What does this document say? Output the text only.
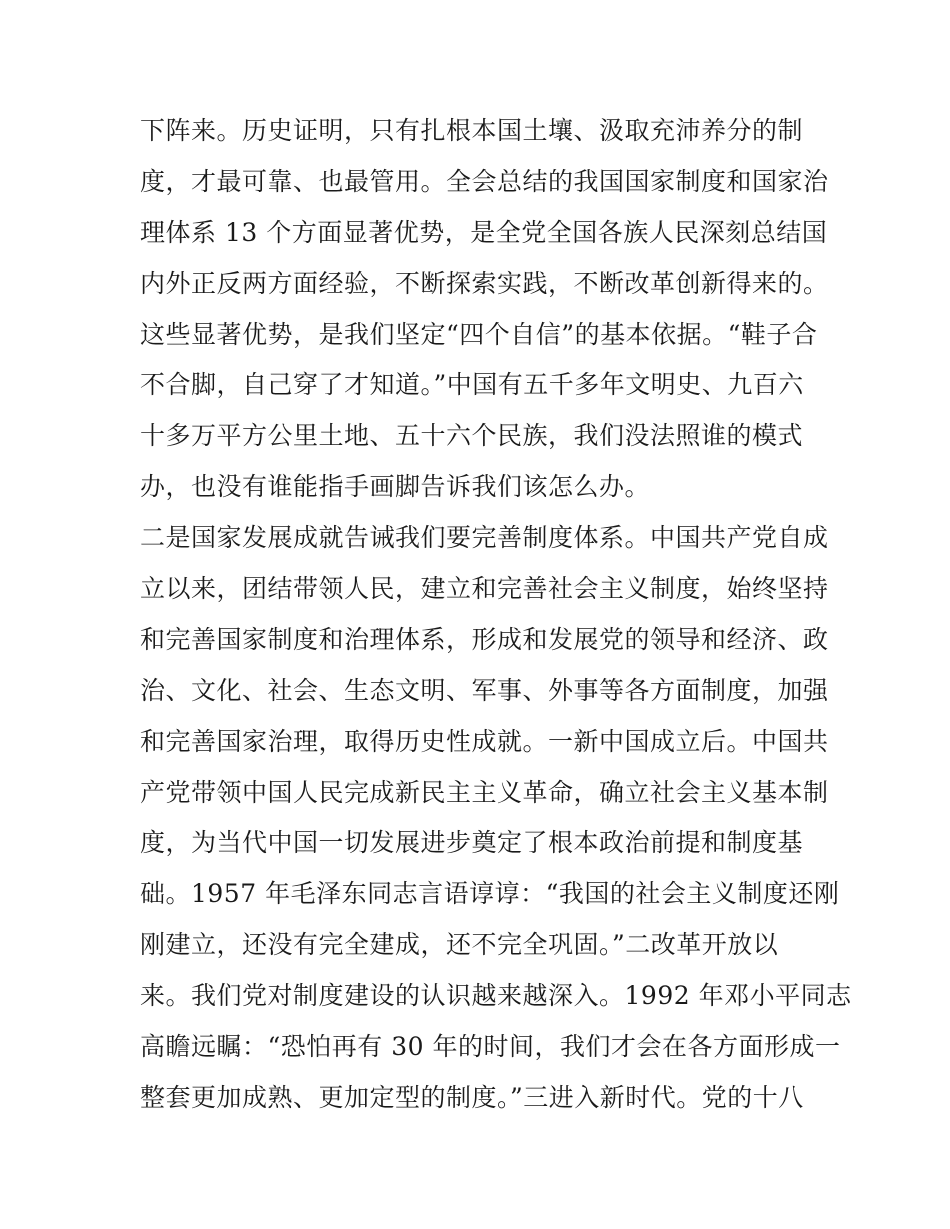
下阵来。历史证明，只有扎根本国土壤、汲取充沛养分的制
度，才最可靠、也最管用。全会总结的我国国家制度和国家治
理体系 13 个方面显著优势，是全党全国各族人民深刻总结国
内外正反两方面经验，不断探索实践，不断改革创新得来的。
这些显著优势，是我们坚定“四个自信”的基本依据。“鞋子合
不合脚，自己穿了才知道。”中国有五千多年文明史、九百六
十多万平方公里土地、五十六个民族，我们没法照谁的模式
办，也没有谁能指手画脚告诉我们该怎么办。
二是国家发展成就告诫我们要完善制度体系。中国共产党自成
立以来，团结带领人民，建立和完善社会主义制度，始终坚持
和完善国家制度和治理体系，形成和发展党的领导和经济、政
治、文化、社会、生态文明、军事、外事等各方面制度，加强
和完善国家治理，取得历史性成就。一新中国成立后。中国共
产党带领中国人民完成新民主主义革命，确立社会主义基本制
度，为当代中国一切发展进步奠定了根本政治前提和制度基
础。1957 年毛泽东同志言语谆谆：“我国的社会主义制度还刚
刚建立，还没有完全建成，还不完全巩固。”二改革开放以
来。我们党对制度建设的认识越来越深入。1992 年邓小平同志
高瞻远瞩：“恐怕再有 30 年的时间，我们才会在各方面形成一
整套更加成熟、更加定型的制度。”三进入新时代。党的十八
